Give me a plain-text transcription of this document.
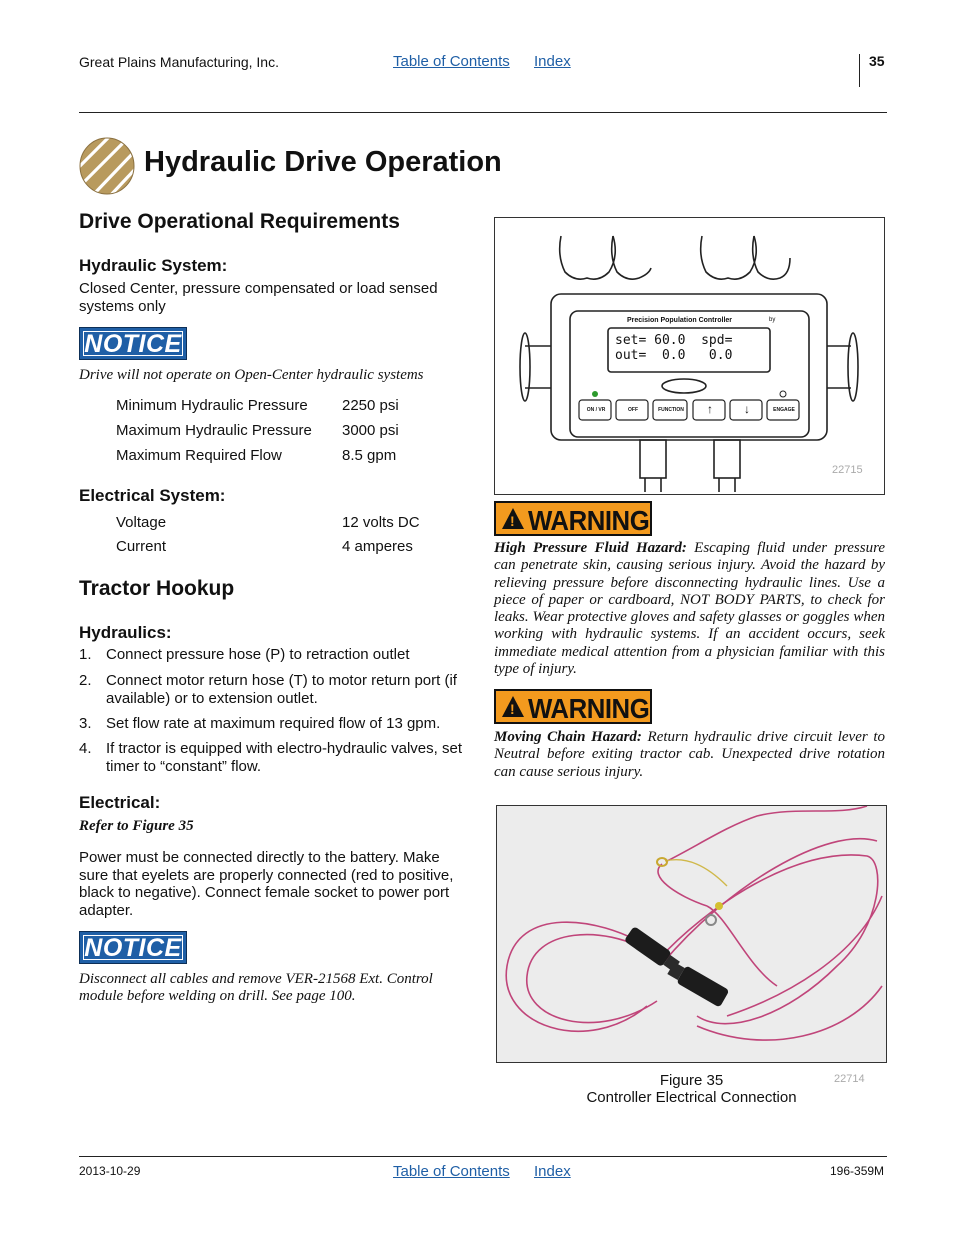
Great Plains Manufacturing, Inc.	Table of Contents Index	35
Hydraulic Drive Operation
Drive Operational Requirements
Hydraulic System:
Closed Center, pressure compensated or load sensed systems only
NOTICE
Drive will not operate on Open-Center hydraulic systems
Minimum Hydraulic Pressure 2250 psi
Maximum Hydraulic Pressure 3000 psi
Maximum Required Flow	8.5 gpm
Electrical System:
Voltage	12 volts DC
Current	4 amperes
Tractor Hookup
Hydraulics:
1. Connect pressure hose (P) to retraction outlet
2. Connect motor return hose (T) to motor return port (if available) or to extension outlet.
3. Set flow rate at maximum required flow of 13 gpm.
4. If tractor is equipped with electro-hydraulic valves, set timer to “constant” flow.
Electrical:
Refer to Figure 35
Power must be connected directly to the battery. Make sure that eyelets are properly connected (red to positive, black to negative). Connect female socket to power port adapter.
NOTICE
Disconnect all cables and remove VER-21568 Ext. Control module before welding on drill. See page 100.
Precision Population Controller	by
set= 60.0  spd=
out=  0.0   0.0
ON / VR	OFF	FUNCTION	↑	↓	ENGAGE
22715
! WARNING
High Pressure Fluid Hazard: Escaping fluid under pressure can penetrate skin, causing serious injury. Avoid the hazard by relieving pressure before disconnecting hydraulic lines. Use a piece of paper or cardboard, NOT BODY PARTS, to check for leaks. Wear protective gloves and safety glasses or goggles when working with hydraulic systems. If an accident occurs, seek immediate medical attention from a physician familiar with this type of injury.
! WARNING
Moving Chain Hazard: Return hydraulic drive circuit lever to Neutral before exiting tractor cab. Unexpected drive rotation can cause serious injury.
Figure 35
Controller Electrical Connection
22714
2013-10-29	Table of Contents Index	196-359M
